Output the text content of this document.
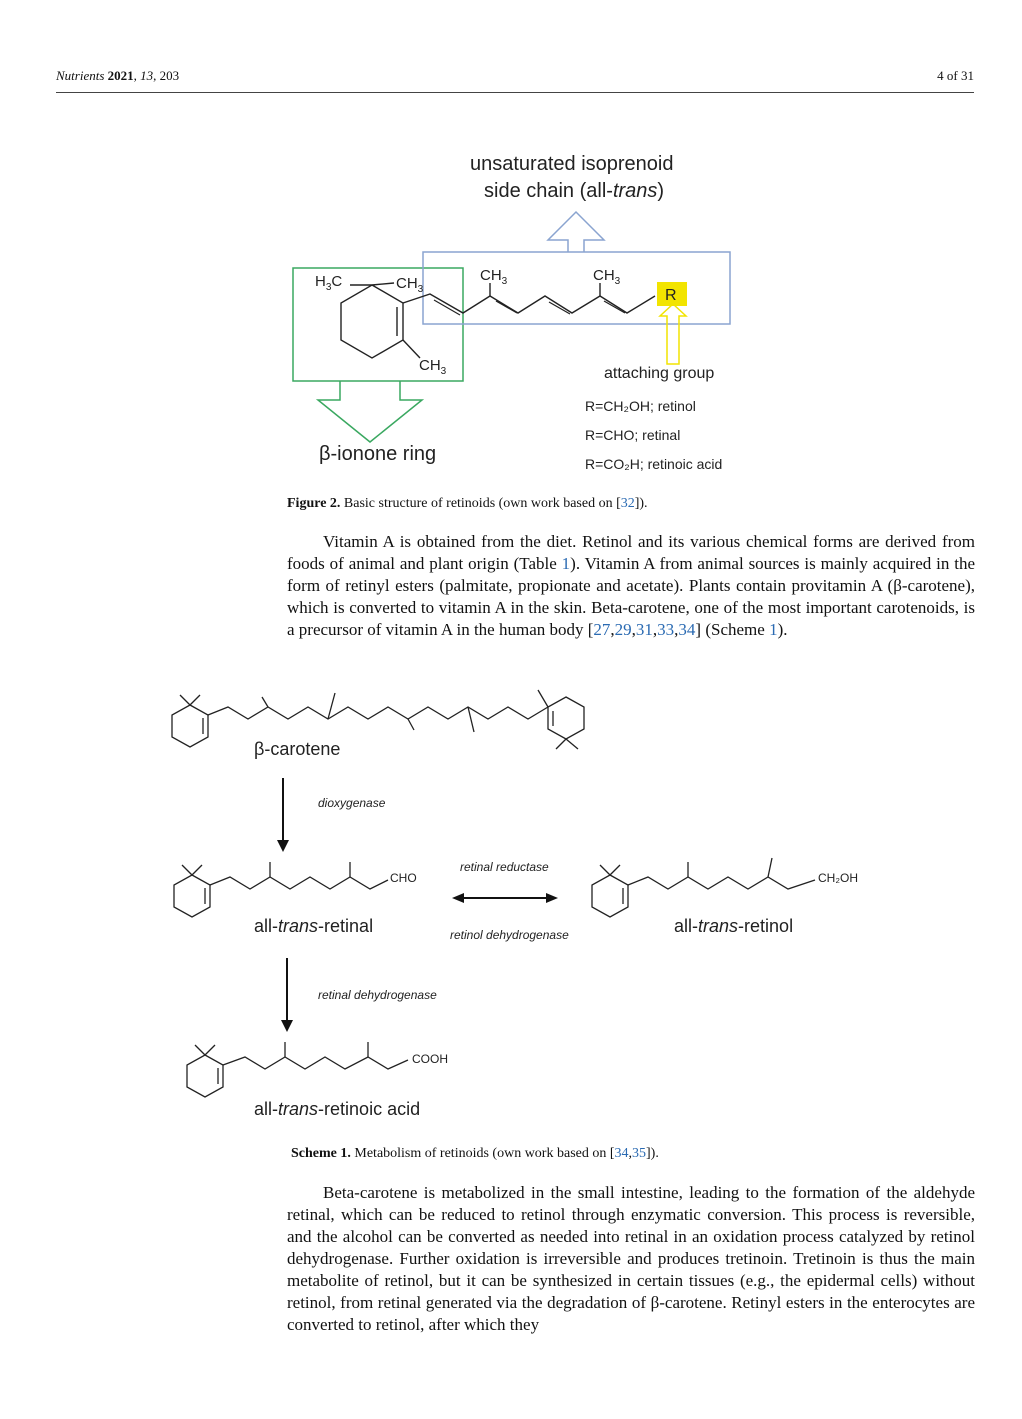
Nutrients 2021, 13, 203	4 of 31
$H_3C$	$CH_3$
$CH_3$	$CH_3$
$CH_3$
R
unsaturated isoprenoid
side chain (all-trans)
attaching group
β-ionone ring
R=CH₂OH; retinol
R=CHO; retinal
R=CO₂H; retinoic acid
Figure 2. Basic structure of retinoids (own work based on [32]).

Vitamin A is obtained from the diet. Retinol and its various chemical forms are derived from foods of animal and plant origin (Table 1). Vitamin A from animal sources is mainly acquired in the form of retinyl esters (palmitate, propionate and acetate). Plants contain provitamin A (β-carotene), which is converted to vitamin A in the skin. Beta-carotene, one of the most important carotenoids, is a precursor of vitamin A in the human body [27,29,31,33,34] (Scheme 1).

β-carotene
dioxygenase
CHO	CH₂OH
COOH
retinal reductase
retinol dehydrogenase
retinal dehydrogenase
all-trans-retinal	all-trans-retinol
all-trans-retinoic acid
Scheme 1. Metabolism of retinoids (own work based on [34,35]).

Beta-carotene is metabolized in the small intestine, leading to the formation of the aldehyde retinal, which can be reduced to retinol through enzymatic conversion. This process is reversible, and the alcohol can be converted as needed into retinal in an oxidation process catalyzed by retinol dehydrogenase. Further oxidation is irreversible and produces tretinoin. Tretinoin is thus the main metabolite of retinol, but it can be synthesized in certain tissues (e.g., the epidermal cells) without retinol, from retinal generated via the degradation of β-carotene. Retinyl esters in the enterocytes are converted to retinol, after which they
